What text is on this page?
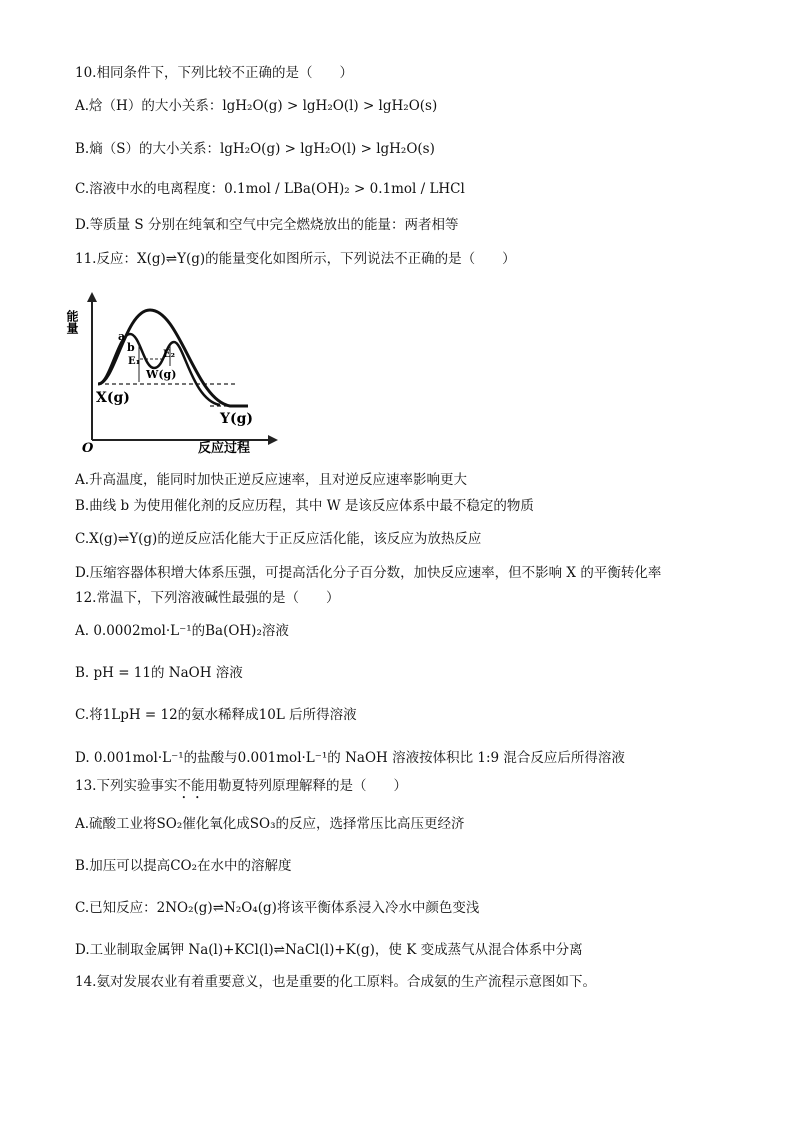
10.相同条件下，下列比较不正确的是（　　）
A.焓（H）的大小关系：lgH₂O(g) > lgH₂O(l) > lgH₂O(s)
B.熵（S）的大小关系：lgH₂O(g) > lgH₂O(l) > lgH₂O(s)
C.溶液中水的电离程度：0.1mol / LBa(OH)₂ > 0.1mol / LHCl
D.等质量 S 分别在纯氧和空气中完全燃烧放出的能量：两者相等
11.反应：X(g)⇌Y(g)的能量变化如图所示，下列说法不正确的是（　　）
能量
O	反应过程
a
b
E₁
E₂
W(g)
X(g)
Y(g)
A.升高温度，能同时加快正逆反应速率，且对逆反应速率影响更大
B.曲线 b 为使用催化剂的反应历程，其中 W 是该反应体系中最不稳定的物质
C.X(g)⇌Y(g)的逆反应活化能大于正反应活化能，该反应为放热反应
D.压缩容器体积增大体系压强，可提高活化分子百分数，加快反应速率，但不影响 X 的平衡转化率
12.常温下，下列溶液碱性最强的是（　　）
A. 0.0002mol·L⁻¹的Ba(OH)₂溶液
B. pH = 11的 NaOH 溶液
C.将1LpH = 12的氨水稀释成10L 后所得溶液
D. 0.001mol·L⁻¹的盐酸与0.001mol·L⁻¹的 NaOH 溶液按体积比 1:9 混合反应后所得溶液
13.下列实验事实不能用勒夏特列原理解释的是（　　）
A.硫酸工业将SO₂催化氧化成SO₃的反应，选择常压比高压更经济
B.加压可以提高CO₂在水中的溶解度
C.已知反应：2NO₂(g)⇌N₂O₄(g)将该平衡体系浸入冷水中颜色变浅
D.工业制取金属钾 Na(l)+KCl(l)⇌NaCl(l)+K(g)，使 K 变成蒸气从混合体系中分离
14.氨对发展农业有着重要意义，也是重要的化工原料。合成氨的生产流程示意图如下。
